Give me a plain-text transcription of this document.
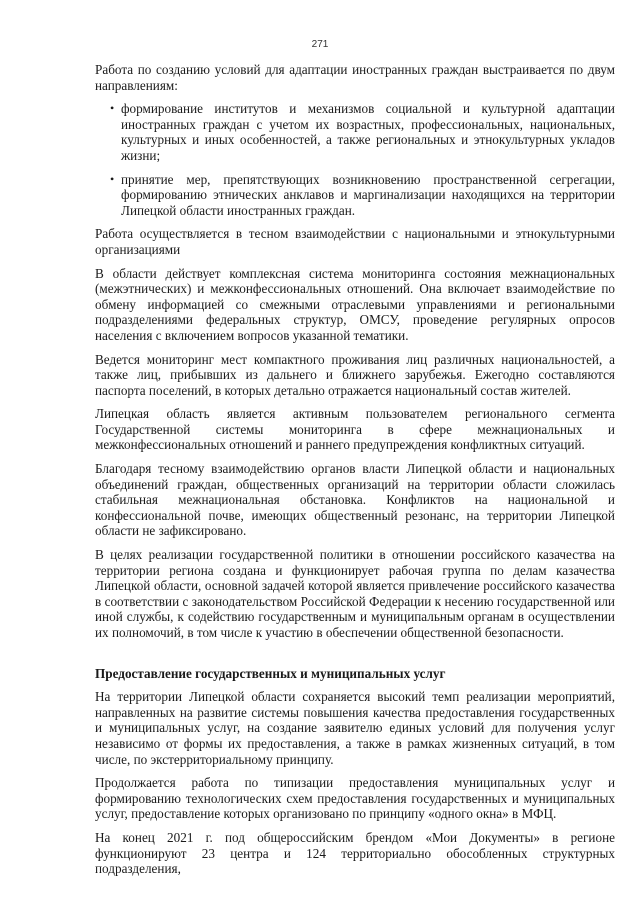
271

Работа по созданию условий для адаптации иностранных граждан выстраивается по двум направлениям:

• формирование институтов и механизмов социальной и культурной адаптации иностранных граждан с учетом их возрастных, профессиональных, национальных, культурных и иных особенностей, а также региональных и этнокультурных укладов жизни;
• принятие мер, препятствующих возникновению пространственной сегрегации, формированию этнических анклавов и маргинализации находящихся на территории Липецкой области иностранных граждан.

Работа осуществляется в тесном взаимодействии с национальными и этнокультурными организациями

В области действует комплексная система мониторинга состояния межнациональных (межэтнических) и межконфессиональных отношений. Она включает взаимодействие по обмену информацией со смежными отраслевыми управлениями и региональными подразделениями федеральных структур, ОМСУ, проведение регулярных опросов населения с включением вопросов указанной тематики.

Ведется мониторинг мест компактного проживания лиц различных национальностей, а также лиц, прибывших из дальнего и ближнего зарубежья. Ежегодно составляются паспорта поселений, в которых детально отражается национальный состав жителей.

Липецкая область является активным пользователем регионального сегмента Государственной системы мониторинга в сфере межнациональных и межконфессиональных отношений и раннего предупреждения конфликтных ситуаций.

Благодаря тесному взаимодействию органов власти Липецкой области и национальных объединений граждан, общественных организаций на территории области сложилась стабильная межнациональная обстановка. Конфликтов на национальной и конфессиональной почве, имеющих общественный резонанс, на территории Липецкой области не зафиксировано.

В целях реализации государственной политики в отношении российского казачества на территории региона создана и функционирует рабочая группа по делам казачества Липецкой области, основной задачей которой является привлечение российского казачества в соответствии с законодательством Российской Федерации к несению государственной или иной службы, к содействию государственным и муниципальным органам в осуществлении их полномочий, в том числе к участию в обеспечении общественной безопасности.

Предоставление государственных и муниципальных услуг

На территории Липецкой области сохраняется высокий темп реализации мероприятий, направленных на развитие системы повышения качества предоставления государственных и муниципальных услуг, на создание заявителю единых условий для получения услуг независимо от формы их предоставления, а также в рамках жизненных ситуаций, в том числе, по экстерриториальному принципу.

Продолжается работа по типизации предоставления муниципальных услуг и формированию технологических схем предоставления государственных и муниципальных услуг, предоставление которых организовано по принципу «одного окна» в МФЦ.

На конец 2021 г. под общероссийским брендом «Мои Документы» в регионе функционируют 23 центра и 124 территориально обособленных структурных подразделения,
